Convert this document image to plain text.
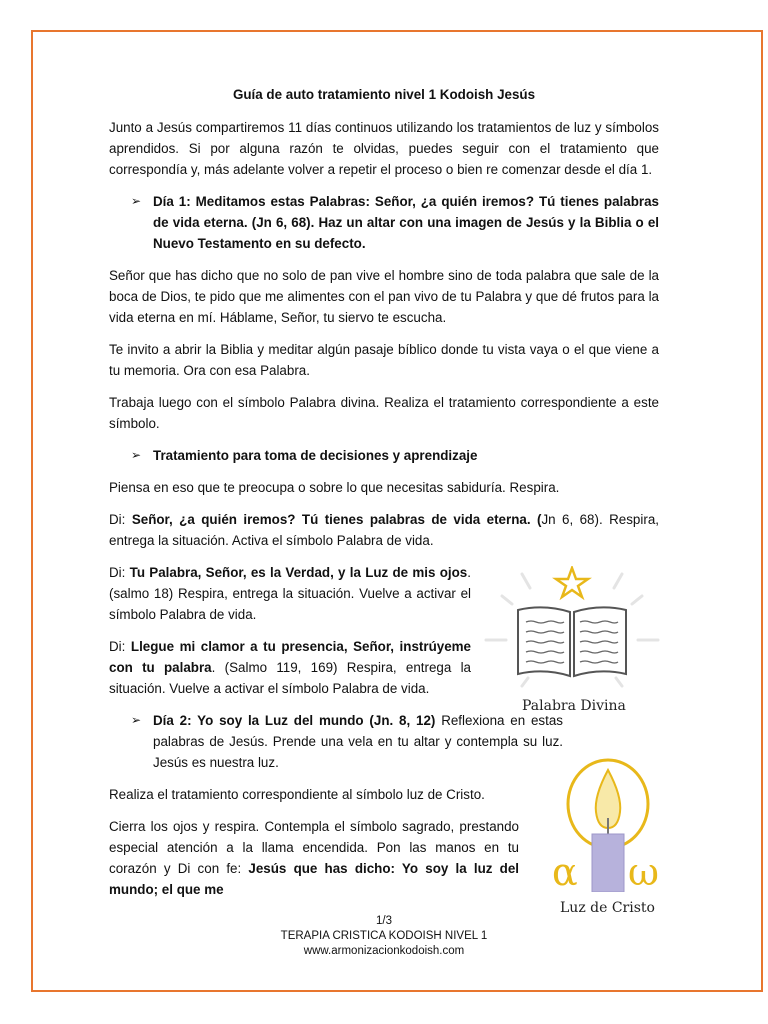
Guía de auto tratamiento nivel 1 Kodoish Jesús

Junto a Jesús compartiremos 11 días continuos utilizando los tratamientos de luz y símbolos aprendidos. Si por alguna razón te olvidas, puedes seguir con el tratamiento que correspondía y, más adelante volver a repetir el proceso o bien re comenzar desde el día 1.

➢ Día 1: Meditamos estas Palabras: Señor, ¿a quién iremos? Tú tienes palabras de vida eterna. (Jn 6, 68). Haz un altar con una imagen de Jesús y la Biblia o el Nuevo Testamento en su defecto.

Señor que has dicho que no solo de pan vive el hombre sino de toda palabra que sale de la boca de Dios, te pido que me alimentes con el pan vivo de tu Palabra y que dé frutos para la vida eterna en mí. Háblame, Señor, tu siervo te escucha.

Te invito a abrir la Biblia y meditar algún pasaje bíblico donde tu vista vaya o el que viene a tu memoria. Ora con esa Palabra.

Trabaja luego con el símbolo Palabra divina. Realiza el tratamiento correspondiente a este símbolo.

➢ Tratamiento para toma de decisiones y aprendizaje

Piensa en eso que te preocupa o sobre lo que necesitas sabiduría. Respira.

Di: Señor, ¿a quién iremos? Tú tienes palabras de vida eterna. (Jn 6, 68). Respira, entrega la situación. Activa el símbolo Palabra de vida.

Di: Tu Palabra, Señor, es la Verdad, y la Luz de mis ojos. (salmo 18) Respira, entrega la situación. Vuelve a activar el símbolo Palabra de vida.

Di: Llegue mi clamor a tu presencia, Señor, instrúyeme con tu palabra. (Salmo 119, 169) Respira, entrega la situación. Vuelve a activar el símbolo Palabra de vida.

➢ Día 2: Yo soy la Luz del mundo (Jn. 8, 12) Reflexiona en estas palabras de Jesús. Prende una vela en tu altar y contempla su luz. Jesús es nuestra luz.

Realiza el tratamiento correspondiente al símbolo luz de Cristo.

Cierra los ojos y respira. Contempla el símbolo sagrado, prestando especial atención a la llama encendida. Pon las manos en tu corazón y Di con fe: Jesús que has dicho: Yo soy la luz del mundo; el que me

Palabra Divina
α ω
Luz de Cristo
1/3
TERAPIA CRISTICA KODOISH NIVEL 1
www.armonizacionkodoish.com
